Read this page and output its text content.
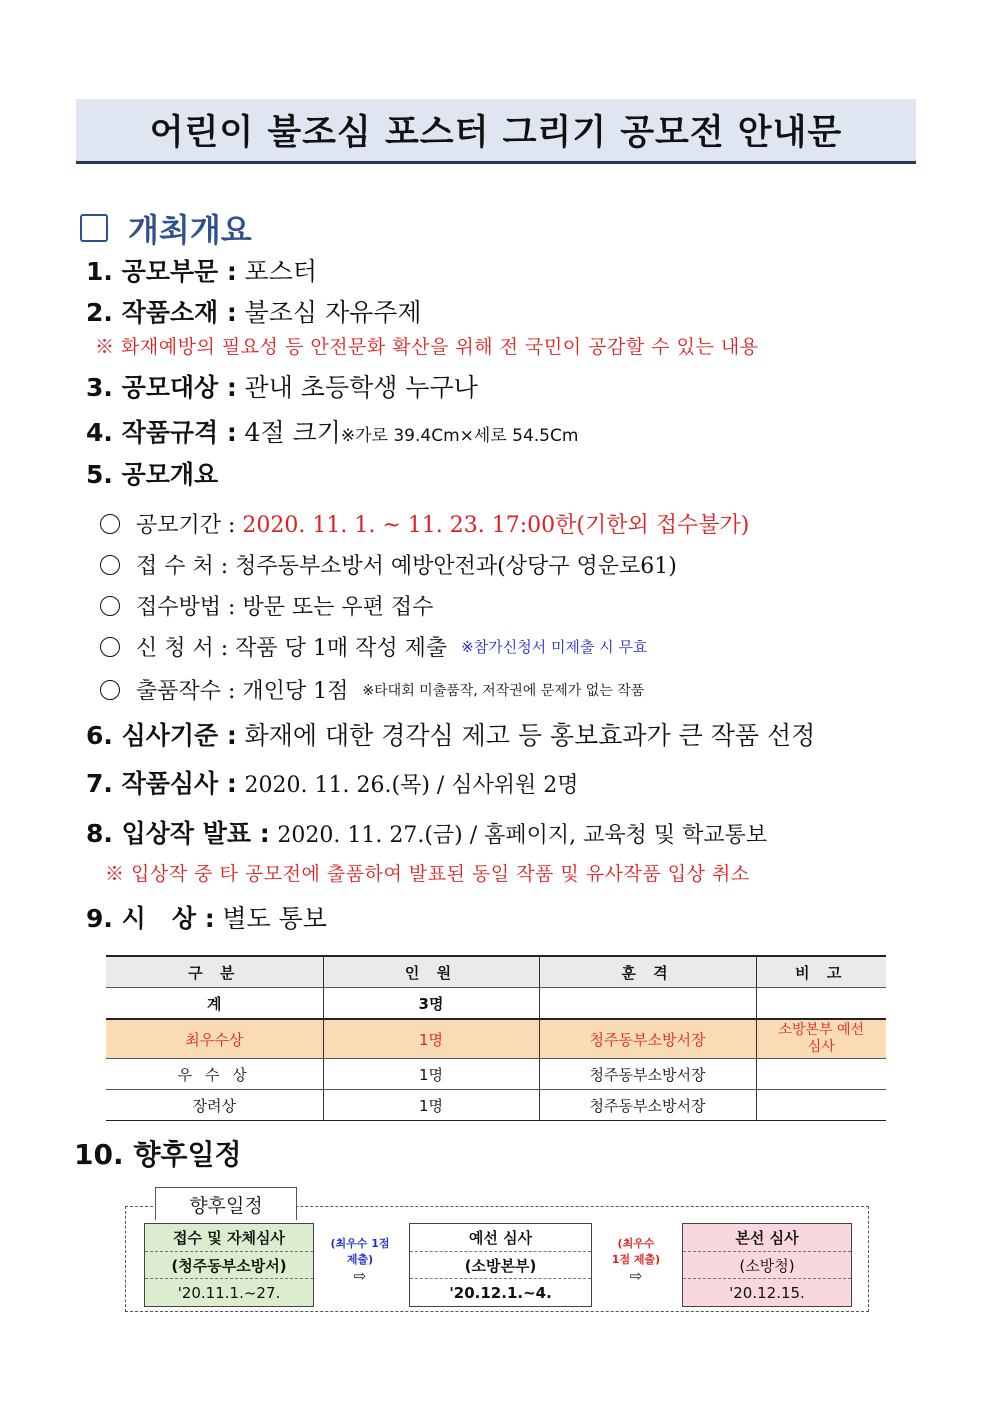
어린이 불조심 포스터 그리기 공모전 안내문
개최개요
1. 공모부문 : 포스터
2. 작품소재 : 불조심 자유주제
※ 화재예방의 필요성 등 안전문화 확산을 위해 전 국민이 공감할 수 있는 내용
3. 공모대상 : 관내 초등학생 누구나
4. 작품규격 : 4절 크기※가로 39.4Cm×세로 54.5Cm
5. 공모개요
공모기간 :
2020. 11. 1. ~ 11. 23. 17:00한(기한외 접수불가)
접 수 처 :
청주동부소방서 예방안전과(상당구 영운로61)
접수방법 :
방문 또는 우편 접수
신 청 서 :
작품 당 1매 작성 제출
※참가신청서 미제출 시 무효
출품작수 :
개인당 1점
※타대회 미출품작, 저작권에 문제가 없는 작품
6. 심사기준 : 화재에 대한 경각심 제고 등 홍보효과가 큰 작품 선정
7. 작품심사 : 2020. 11. 26.(목) / 심사위원 2명
8. 입상작 발표 : 2020. 11. 27.(금) / 홈페이지, 교육청 및 학교통보
※ 입상작 중 타 공모전에 출품하여 발표된 동일 작품 및 유사작품 입상 취소
9. 시   상 : 별도 통보
구 분	인 원	훈 격	비 고
계	3명		
최우수상	1명	청주동부소방서장	소방본부 예선심사
우 수 상	1명	청주동부소방서장	
장려상	1명	청주동부소방서장	
10. 향후일정
향후일정
접수 및 자체심사
(청주동부소방서)
'20.11.1.~27.
(최우수 1점
제출)
⇨
예선 심사
(소방본부)
'20.12.1.~4.
(최우수
1점 제출)
⇨
본선 심사
(소방청)
'20.12.15.
